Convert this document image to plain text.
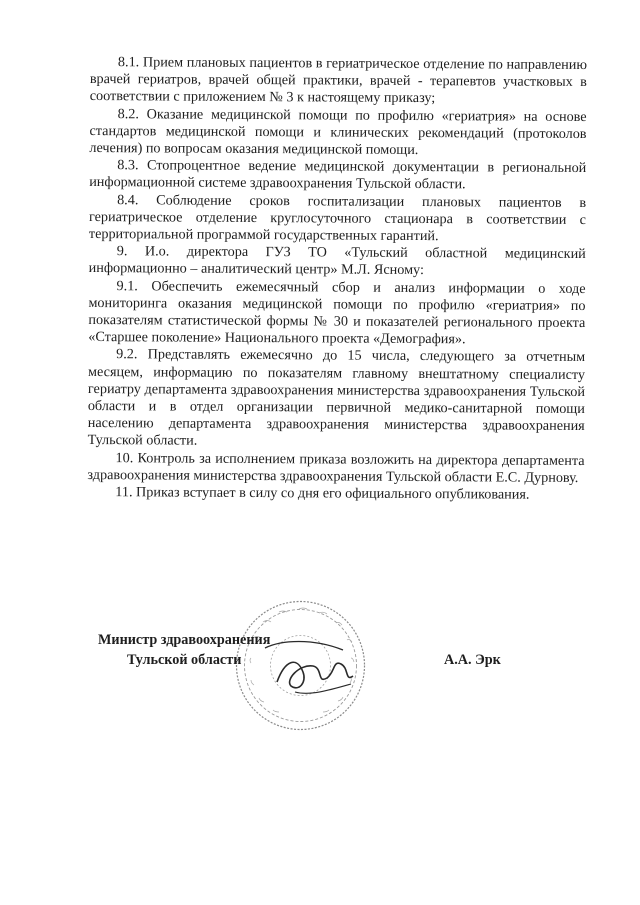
8.1. Прием плановых пациентов в гериатрическое отделение по направлению врачей гериатров, врачей общей практики, врачей - терапевтов участковых в соответствии с приложением № 3 к настоящему приказу;

8.2. Оказание медицинской помощи по профилю «гериатрия» на основе стандартов медицинской помощи и клинических рекомендаций (протоколов лечения) по вопросам оказания медицинской помощи.

8.3. Стопроцентное ведение медицинской документации в региональной информационной системе здравоохранения Тульской области.

8.4. Соблюдение сроков госпитализации плановых пациентов в гериатрическое отделение круглосуточного стационара в соответствии с территориальной программой государственных гарантий.

9. И.о. директора ГУЗ ТО «Тульский областной медицинский информационно – аналитический центр» М.Л. Ясному:

9.1. Обеспечить ежемесячный сбор и анализ информации о ходе мониторинга оказания медицинской помощи по профилю «гериатрия» по показателям статистической формы № 30 и показателей регионального проекта «Старшее поколение» Национального проекта «Демография».

9.2. Представлять ежемесячно до 15 числа, следующего за отчетным месяцем, информацию по показателям главному внештатному специалисту гериатру департамента здравоохранения министерства здравоохранения Тульской области и в отдел организации первичной медико-санитарной помощи населению департамента здравоохранения министерства здравоохранения Тульской области.

10. Контроль за исполнением приказа возложить на директора департамента здравоохранения министерства здравоохранения Тульской области Е.С. Дурнову.

11. Приказ вступает в силу со дня его официального опубликования.

Министр здравоохранения
Тульской области	А.А. Эрк
